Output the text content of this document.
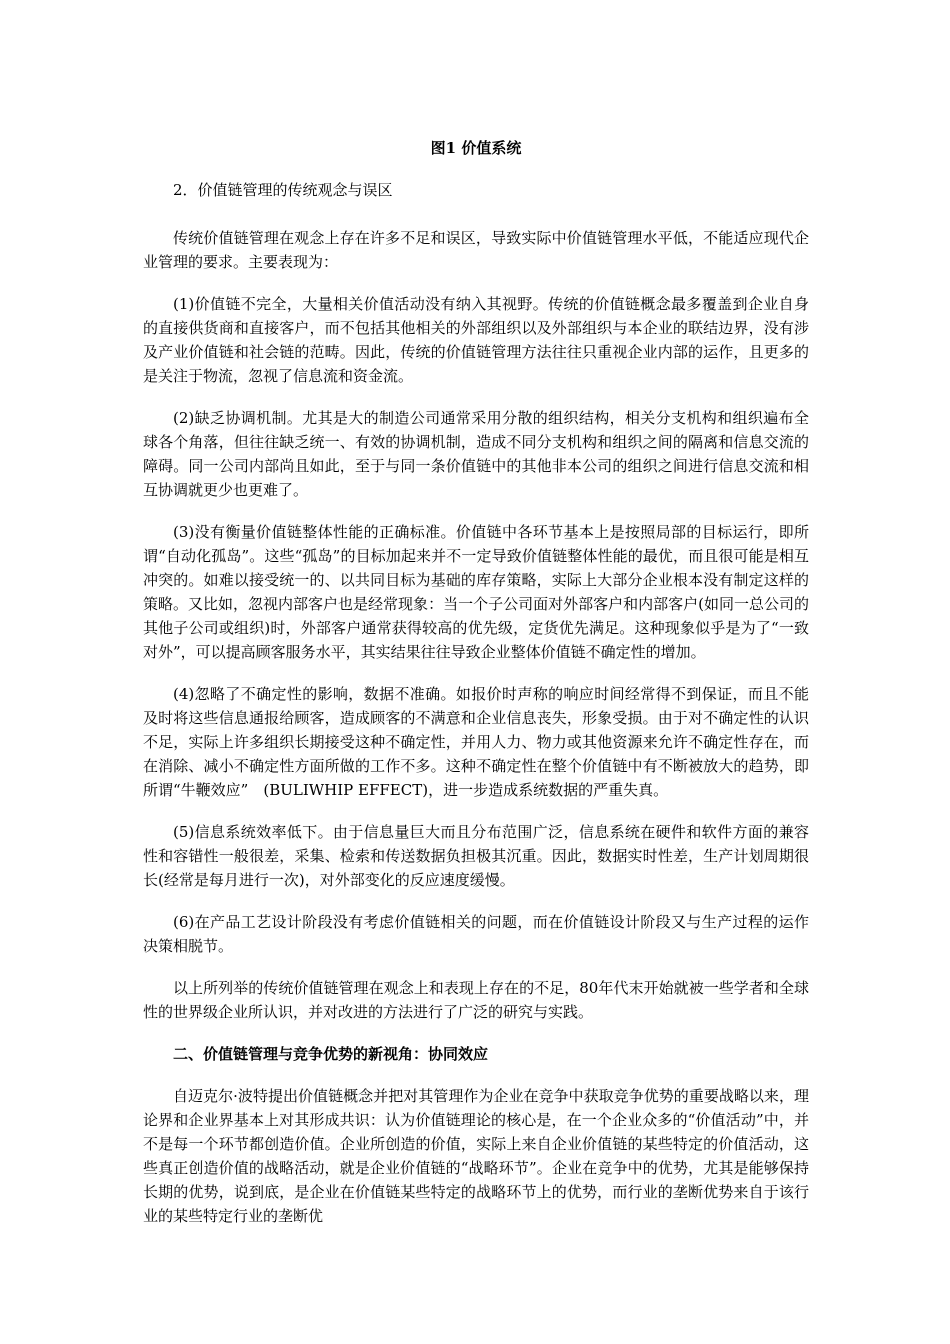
图1 价值系统

2．价值链管理的传统观念与误区

传统价值链管理在观念上存在许多不足和误区，导致实际中价值链管理水平低，不能适应现代企业管理的要求。主要表现为：

(1)价值链不完全，大量相关价值活动没有纳入其视野。传统的价值链概念最多覆盖到企业自身的直接供货商和直接客户，而不包括其他相关的外部组织以及外部组织与本企业的联结边界，没有涉及产业价值链和社会链的范畴。因此，传统的价值链管理方法往往只重视企业内部的运作，且更多的是关注于物流，忽视了信息流和资金流。

(2)缺乏协调机制。尤其是大的制造公司通常采用分散的组织结构，相关分支机构和组织遍布全球各个角落，但往往缺乏统一、有效的协调机制，造成不同分支机构和组织之间的隔离和信息交流的障碍。同一公司内部尚且如此，至于与同一条价值链中的其他非本公司的组织之间进行信息交流和相互协调就更少也更难了。

(3)没有衡量价值链整体性能的正确标准。价值链中各环节基本上是按照局部的目标运行，即所谓“自动化孤岛”。这些“孤岛”的目标加起来并不一定导致价值链整体性能的最优，而且很可能是相互冲突的。如难以接受统一的、以共同目标为基础的库存策略，实际上大部分企业根本没有制定这样的策略。又比如，忽视内部客户也是经常现象：当一个子公司面对外部客户和内部客户(如同一总公司的其他子公司或组织)时，外部客户通常获得较高的优先级，定货优先满足。这种现象似乎是为了“一致对外”，可以提高顾客服务水平，其实结果往往导致企业整体价值链不确定性的增加。

(4)忽略了不确定性的影响，数据不准确。如报价时声称的响应时间经常得不到保证，而且不能及时将这些信息通报给顾客，造成顾客的不满意和企业信息丧失，形象受损。由于对不确定性的认识不足，实际上许多组织长期接受这种不确定性，并用人力、物力或其他资源来允许不确定性存在，而在消除、减小不确定性方面所做的工作不多。这种不确定性在整个价值链中有不断被放大的趋势，即所谓“牛鞭效应”　(BULIWHIP EFFECT)，进一步造成系统数据的严重失真。

(5)信息系统效率低下。由于信息量巨大而且分布范围广泛，信息系统在硬件和软件方面的兼容性和容错性一般很差，采集、检索和传送数据负担极其沉重。因此，数据实时性差，生产计划周期很长(经常是每月进行一次)，对外部变化的反应速度缓慢。

(6)在产品工艺设计阶段没有考虑价值链相关的问题，而在价值链设计阶段又与生产过程的运作决策相脱节。

以上所列举的传统价值链管理在观念上和表现上存在的不足，80年代末开始就被一些学者和全球性的世界级企业所认识，并对改进的方法进行了广泛的研究与实践。

二、价值链管理与竞争优势的新视角：协同效应

自迈克尔·波特提出价值链概念并把对其管理作为企业在竞争中获取竞争优势的重要战略以来，理论界和企业界基本上对其形成共识：认为价值链理论的核心是，在一个企业众多的“价值活动”中，并不是每一个环节都创造价值。企业所创造的价值，实际上来自企业价值链的某些特定的价值活动，这些真正创造价值的战略活动，就是企业价值链的“战略环节”。企业在竞争中的优势，尤其是能够保持长期的优势，说到底，是企业在价值链某些特定的战略环节上的优势，而行业的垄断优势来自于该行业的某些特定行业的垄断优
